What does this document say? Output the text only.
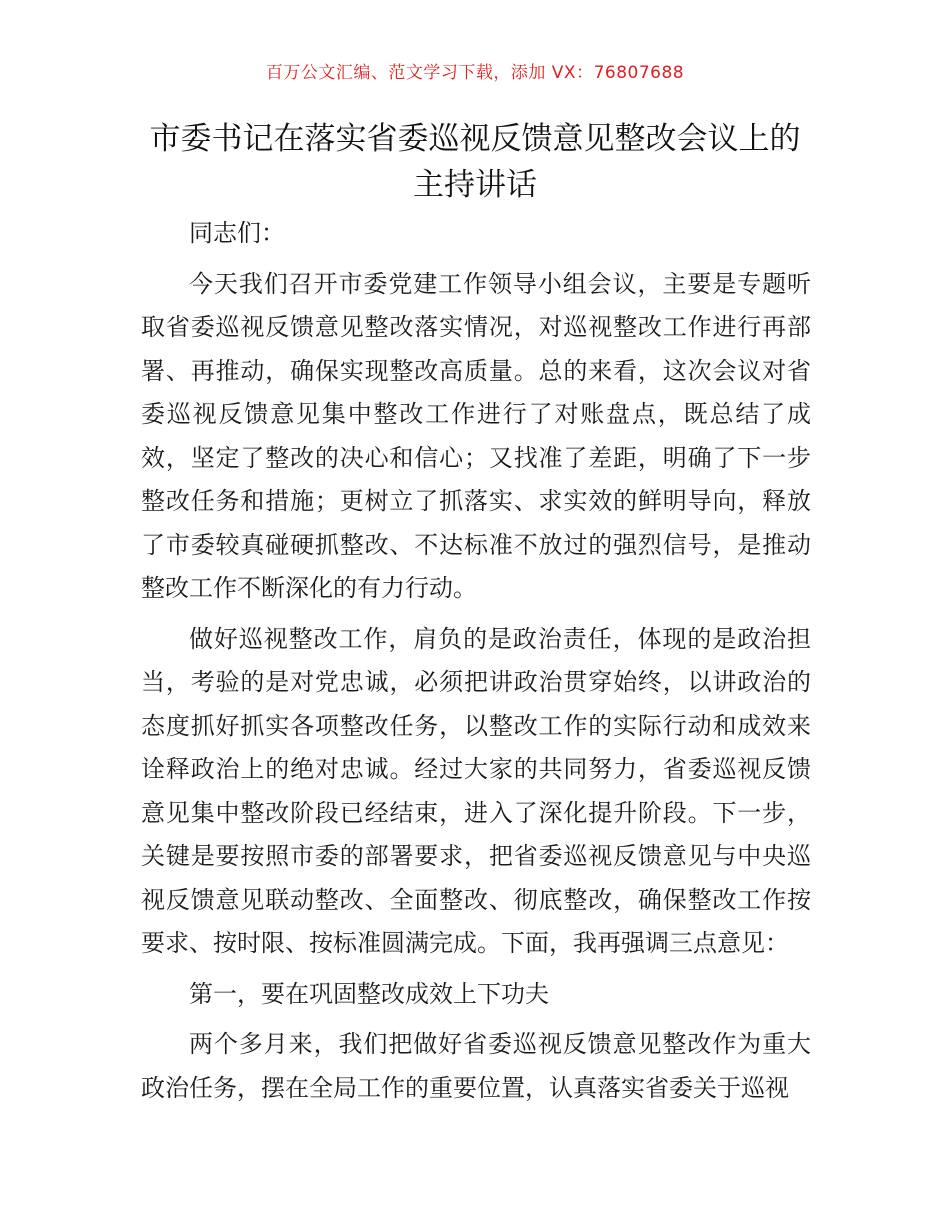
百万公文汇编、范文学习下载，添加 VX：76807688
市委书记在落实省委巡视反馈意见整改会议上的主持讲话

同志们：

今天我们召开市委党建工作领导小组会议，主要是专题听取省委巡视反馈意见整改落实情况，对巡视整改工作进行再部署、再推动，确保实现整改高质量。总的来看，这次会议对省委巡视反馈意见集中整改工作进行了对账盘点，既总结了成效，坚定了整改的决心和信心；又找准了差距，明确了下一步整改任务和措施；更树立了抓落实、求实效的鲜明导向，释放了市委较真碰硬抓整改、不达标准不放过的强烈信号，是推动整改工作不断深化的有力行动。

做好巡视整改工作，肩负的是政治责任，体现的是政治担当，考验的是对党忠诚，必须把讲政治贯穿始终，以讲政治的态度抓好抓实各项整改任务，以整改工作的实际行动和成效来诠释政治上的绝对忠诚。经过大家的共同努力，省委巡视反馈意见集中整改阶段已经结束，进入了深化提升阶段。下一步，关键是要按照市委的部署要求，把省委巡视反馈意见与中央巡视反馈意见联动整改、全面整改、彻底整改，确保整改工作按要求、按时限、按标准圆满完成。下面，我再强调三点意见：

第一，要在巩固整改成效上下功夫

两个多月来，我们把做好省委巡视反馈意见整改作为重大政治任务，摆在全局工作的重要位置，认真落实省委关于巡视
